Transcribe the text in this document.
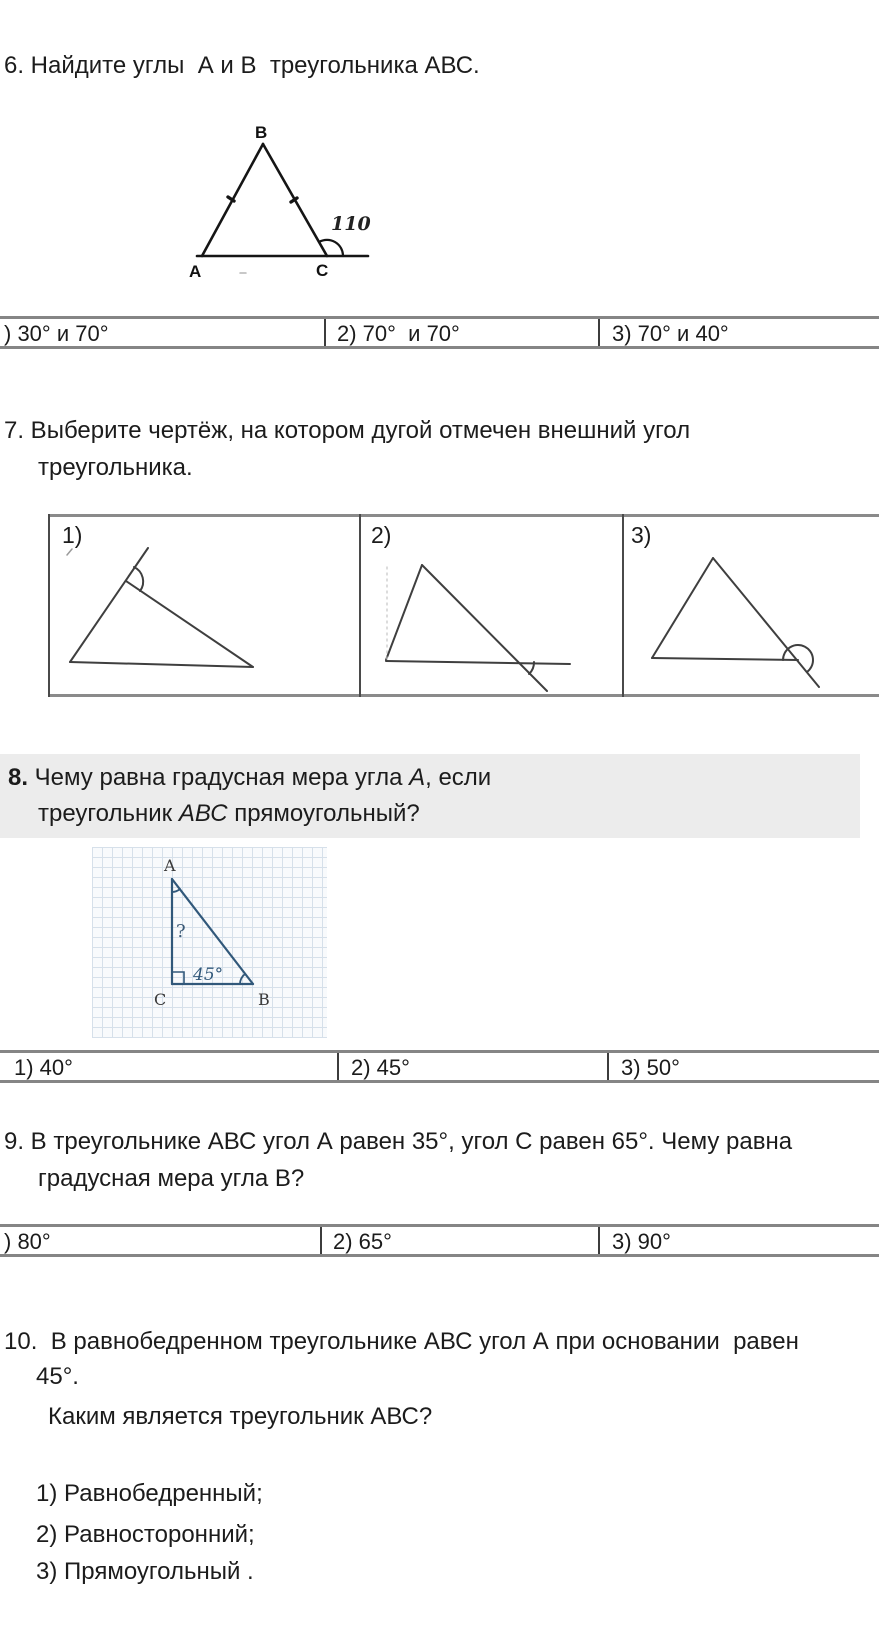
6. Найдите углы  А и В  треугольника АВС.
110
B
A	C
) 30° и 70°	2) 70°  и 70°	3) 70° и 40°
7. Выберите чертёж, на котором дугой отмечен внешний угол
треугольника.
1)	2)	3)
8. Чему равна градусная мера угла А, если
треугольник АВС прямоугольный?
45°
?
A
C	B
1) 40°	2) 45°	3) 50°
9. В треугольнике АВС угол А равен 35°, угол С равен 65°. Чему равна
градусная мера угла В?
) 80°	2) 65°	3) 90°
10.  В равнобедренном треугольнике АВС угол А при основании  равен
45°.
Каким является треугольник АВС?
1) Равнобедренный;
2) Равносторонний;
3) Прямоугольный .
